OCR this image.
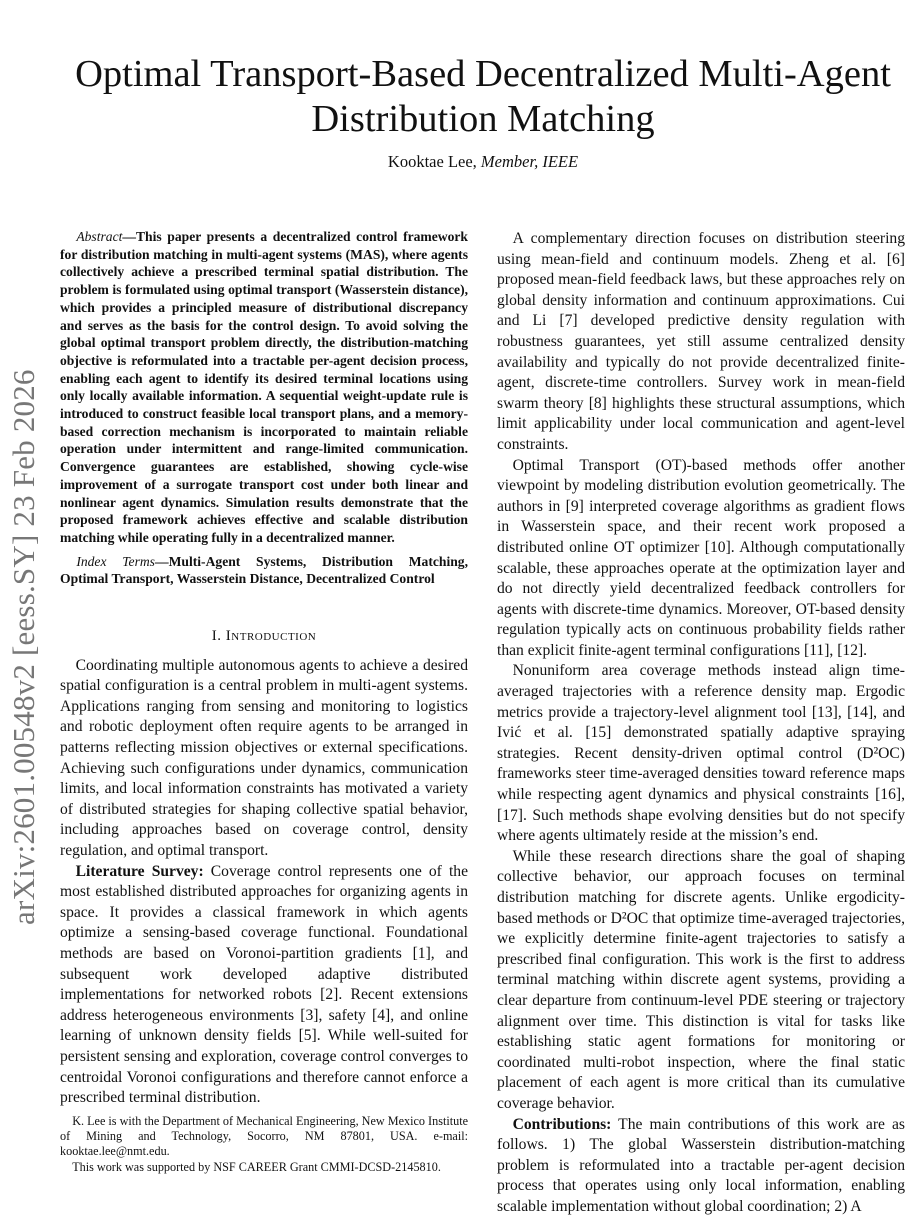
arXiv:2601.00548v2 [eess.SY] 23 Feb 2026
Optimal Transport-Based Decentralized Multi-Agent Distribution Matching
Kooktae Lee, Member, IEEE

Abstract—This paper presents a decentralized control framework for distribution matching in multi-agent systems (MAS), where agents collectively achieve a prescribed terminal spatial distribution. The problem is formulated using optimal transport (Wasserstein distance), which provides a principled measure of distributional discrepancy and serves as the basis for the control design. To avoid solving the global optimal transport problem directly, the distribution-matching objective is reformulated into a tractable per-agent decision process, enabling each agent to identify its desired terminal locations using only locally available information. A sequential weight-update rule is introduced to construct feasible local transport plans, and a memory-based correction mechanism is incorporated to maintain reliable operation under intermittent and range-limited communication. Convergence guarantees are established, showing cycle-wise improvement of a surrogate transport cost under both linear and nonlinear agent dynamics. Simulation results demonstrate that the proposed framework achieves effective and scalable distribution matching while operating fully in a decentralized manner.

Index Terms—Multi-Agent Systems, Distribution Matching, Optimal Transport, Wasserstein Distance, Decentralized Control

I. Introduction

Coordinating multiple autonomous agents to achieve a desired spatial configuration is a central problem in multi-agent systems. Applications ranging from sensing and monitoring to logistics and robotic deployment often require agents to be arranged in patterns reflecting mission objectives or external specifications. Achieving such configurations under dynamics, communication limits, and local information constraints has motivated a variety of distributed strategies for shaping collective spatial behavior, including approaches based on coverage control, density regulation, and optimal transport.

Literature Survey: Coverage control represents one of the most established distributed approaches for organizing agents in space. It provides a classical framework in which agents optimize a sensing-based coverage functional. Foundational methods are based on Voronoi-partition gradients [1], and subsequent work developed adaptive distributed implementations for networked robots [2]. Recent extensions address heterogeneous environments [3], safety [4], and online learning of unknown density fields [5]. While well-suited for persistent sensing and exploration, coverage control converges to centroidal Voronoi configurations and therefore cannot enforce a prescribed terminal distribution.

K. Lee is with the Department of Mechanical Engineering, New Mexico Institute of Mining and Technology, Socorro, NM 87801, USA. e-mail: kooktae.lee@nmt.edu.

This work was supported by NSF CAREER Grant CMMI-DCSD-2145810.

A complementary direction focuses on distribution steering using mean-field and continuum models. Zheng et al. [6] proposed mean-field feedback laws, but these approaches rely on global density information and continuum approximations. Cui and Li [7] developed predictive density regulation with robustness guarantees, yet still assume centralized density availability and typically do not provide decentralized finite-agent, discrete-time controllers. Survey work in mean-field swarm theory [8] highlights these structural assumptions, which limit applicability under local communication and agent-level constraints.

Optimal Transport (OT)-based methods offer another viewpoint by modeling distribution evolution geometrically. The authors in [9] interpreted coverage algorithms as gradient flows in Wasserstein space, and their recent work proposed a distributed online OT optimizer [10]. Although computationally scalable, these approaches operate at the optimization layer and do not directly yield decentralized feedback controllers for agents with discrete-time dynamics. Moreover, OT-based density regulation typically acts on continuous probability fields rather than explicit finite-agent terminal configurations [11], [12].

Nonuniform area coverage methods instead align time-averaged trajectories with a reference density map. Ergodic metrics provide a trajectory-level alignment tool [13], [14], and Ivić et al. [15] demonstrated spatially adaptive spraying strategies. Recent density-driven optimal control (D²OC) frameworks steer time-averaged densities toward reference maps while respecting agent dynamics and physical constraints [16], [17]. Such methods shape evolving densities but do not specify where agents ultimately reside at the mission’s end.

While these research directions share the goal of shaping collective behavior, our approach focuses on terminal distribution matching for discrete agents. Unlike ergodicity-based methods or D²OC that optimize time-averaged trajectories, we explicitly determine finite-agent trajectories to satisfy a prescribed final configuration. This work is the first to address terminal matching within discrete agent systems, providing a clear departure from continuum-level PDE steering or trajectory alignment over time. This distinction is vital for tasks like establishing static agent formations for monitoring or coordinated multi-robot inspection, where the final static placement of each agent is more critical than its cumulative coverage behavior.

Contributions: The main contributions of this work are as follows. 1) The global Wasserstein distribution-matching problem is reformulated into a tractable per-agent decision process that operates using only local information, enabling scalable implementation without global coordination; 2) A
